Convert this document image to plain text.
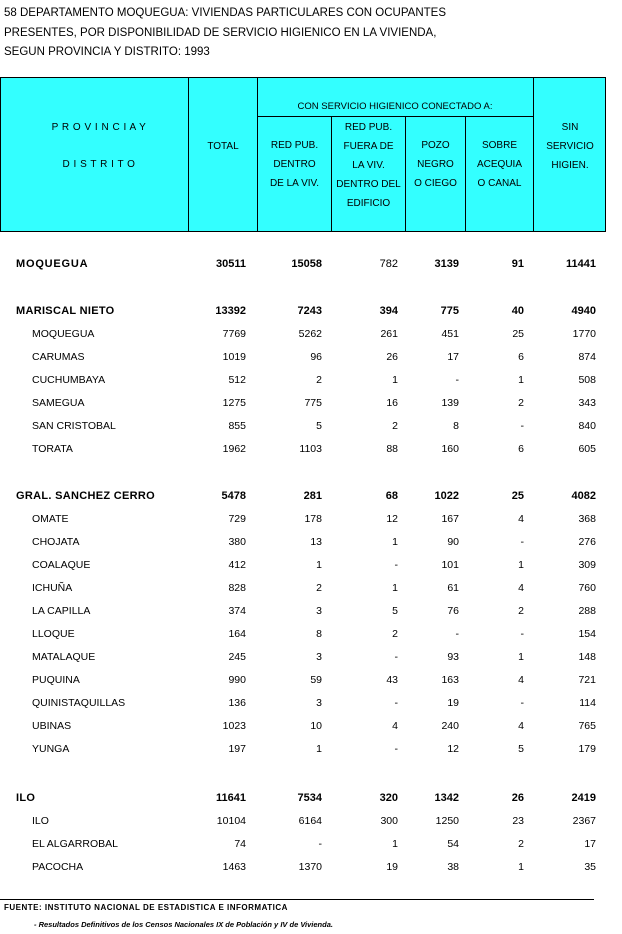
58 DEPARTAMENTO MOQUEGUA: VIVIENDAS PARTICULARES CON OCUPANTES
PRESENTES, POR DISPONIBILIDAD DE SERVICIO HIGIENICO EN LA VIVIENDA,
SEGUN PROVINCIA Y DISTRITO: 1993
P R O V I N C I A Y
D I S T R I T O
TOTAL
CON SERVICIO HIGIENICO CONECTADO A:
RED PUB.
DENTRO
DE LA VIV.
RED PUB.
FUERA DE
LA VIV.
DENTRO DEL
EDIFICIO
POZO
NEGRO
O CIEGO
SOBRE
ACEQUIA
O CANAL
SIN
SERVICIO
HIGIEN.
MOQUEGUA	30511	15058	782	3139	91	11441
MARISCAL NIETO	13392	7243	394	775	40	4940
MOQUEGUA	7769	5262	261	451	25	1770
CARUMAS	1019	96	26	17	6	874
CUCHUMBAYA	512	2	1	-	1	508
SAMEGUA	1275	775	16	139	2	343
SAN CRISTOBAL	855	5	2	8	-	840
TORATA	1962	1103	88	160	6	605
GRAL. SANCHEZ CERRO	5478	281	68	1022	25	4082
OMATE	729	178	12	167	4	368
CHOJATA	380	13	1	90	-	276
COALAQUE	412	1	-	101	1	309
ICHUÑA	828	2	1	61	4	760
LA CAPILLA	374	3	5	76	2	288
LLOQUE	164	8	2	-	-	154
MATALAQUE	245	3	-	93	1	148
PUQUINA	990	59	43	163	4	721
QUINISTAQUILLAS	136	3	-	19	-	114
UBINAS	1023	10	4	240	4	765
YUNGA	197	1	-	12	5	179
ILO	11641	7534	320	1342	26	2419
ILO	10104	6164	300	1250	23	2367
EL ALGARROBAL	74	-	1	54	2	17
PACOCHA	1463	1370	19	38	1	35
FUENTE: INSTITUTO NACIONAL DE ESTADISTICA E INFORMATICA
- Resultados Definitivos de los Censos Nacionales IX de Población y IV de Vivienda.
